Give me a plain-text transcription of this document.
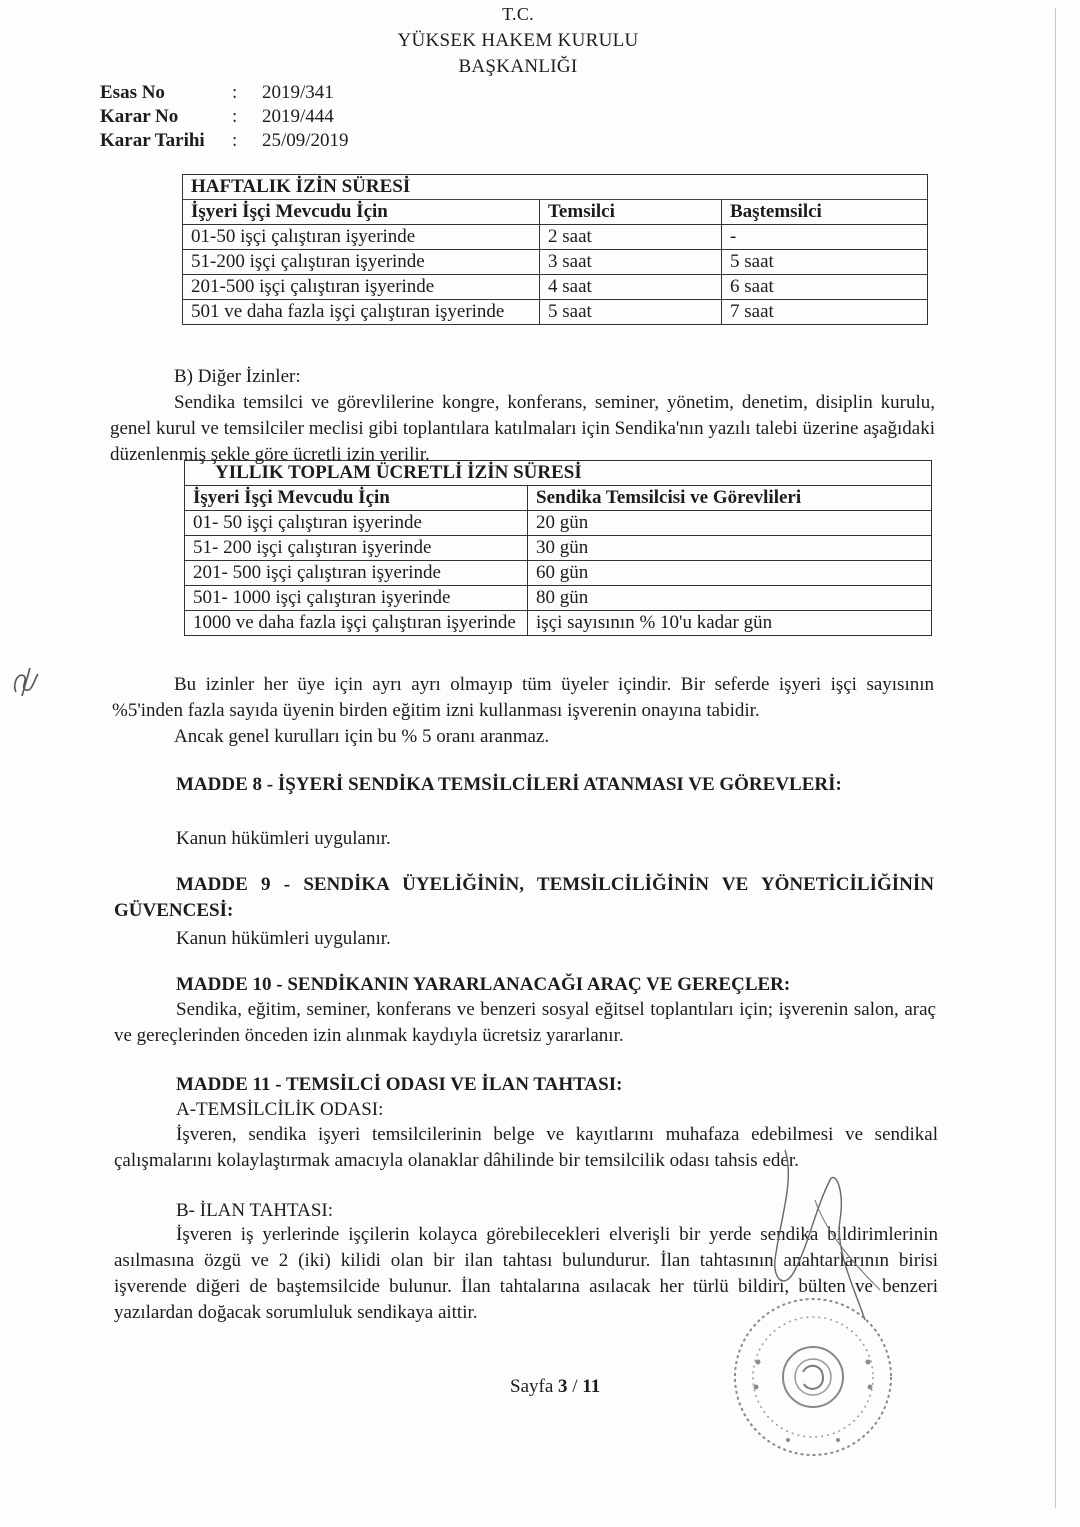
T.C.
YÜKSEK HAKEM KURULU
BAŞKANLIĞI
Esas No	:	2019/341
Karar No	:	2019/444
Karar Tarihi	:	25/09/2019
HAFTALIK İZİN SÜRESİ		
İşyeri İşçi Mevcudu İçin	Temsilci	Baştemsilci
01-50 işçi çalıştıran işyerinde	2 saat	-
51-200 işçi çalıştıran işyerinde	3 saat	5 saat
201-500 işçi çalıştıran işyerinde	4 saat	6 saat
501 ve daha fazla işçi çalıştıran işyerinde	5 saat	7 saat
B) Diğer İzinler:
Sendika temsilci ve görevlilerine kongre, konferans, seminer, yönetim, denetim, disiplin kurulu, genel kurul ve temsilciler meclisi gibi toplantılara katılmaları için Sendika'nın yazılı talebi üzerine aşağıdaki düzenlenmiş şekle göre ücretli izin verilir.
YILLIK TOPLAM ÜCRETLİ İZİN SÜRESİ	
İşyeri İşçi Mevcudu İçin	Sendika Temsilcisi ve Görevlileri
01- 50 işçi çalıştıran işyerinde	20 gün
51- 200 işçi çalıştıran işyerinde	30 gün
201- 500 işçi çalıştıran işyerinde	60 gün
501- 1000 işçi çalıştıran işyerinde	80 gün
1000 ve daha fazla işçi çalıştıran işyerinde	işçi sayısının % 10'u kadar gün
Bu izinler her üye için ayrı ayrı olmayıp tüm üyeler içindir. Bir seferde işyeri işçi sayısının %5'inden fazla sayıda üyenin birden eğitim izni kullanması işverenin onayına tabidir.
Ancak genel kurulları için bu % 5 oranı aranmaz.
MADDE 8 - İŞYERİ SENDİKA TEMSİLCİLERİ ATANMASI VE GÖREVLERİ:
Kanun hükümleri uygulanır.
MADDE 9 - SENDİKA ÜYELİĞİNİN, TEMSİLCİLİĞİNİN VE YÖNETİCİLİĞİNİN GÜVENCESİ:
Kanun hükümleri uygulanır.
MADDE 10 - SENDİKANIN YARARLANACAĞI ARAÇ VE GEREÇLER:
Sendika, eğitim, seminer, konferans ve benzeri sosyal eğitsel toplantıları için; işverenin salon, araç ve gereçlerinden önceden izin alınmak kaydıyla ücretsiz yararlanır.
MADDE 11 - TEMSİLCİ ODASI VE İLAN TAHTASI:
A-TEMSİLCİLİK ODASI:
İşveren, sendika işyeri temsilcilerinin belge ve kayıtlarını muhafaza edebilmesi ve sendikal çalışmalarını kolaylaştırmak amacıyla olanaklar dâhilinde bir temsilcilik odası tahsis eder.
B- İLAN TAHTASI:
İşveren iş yerlerinde işçilerin kolayca görebilecekleri elverişli bir yerde sendika bildirimlerinin asılmasına özgü ve 2 (iki) kilidi olan bir ilan tahtası bulundurur. İlan tahtasının anahtarlarının birisi işverende diğeri de baştemsilcide bulunur. İlan tahtalarına asılacak her türlü bildiri, bülten ve benzeri yazılardan doğacak sorumluluk sendikaya aittir.
Sayfa 3 / 11
